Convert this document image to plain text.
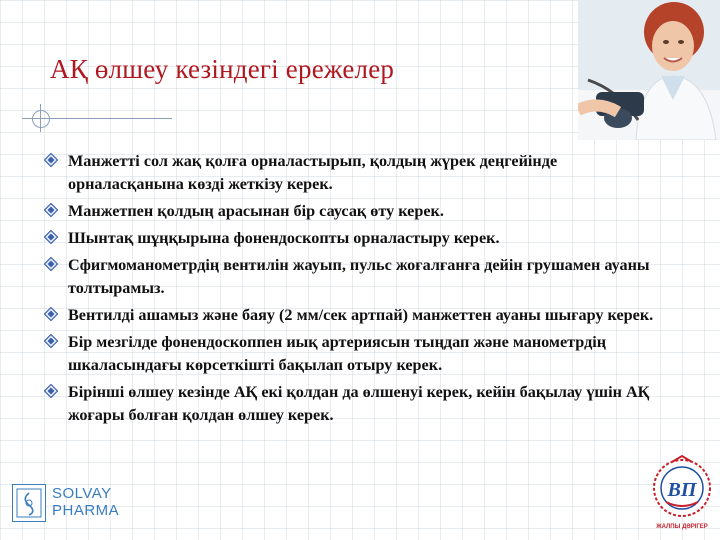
АҚ өлшеу кезіндегі ережелер
Манжетті сол жақ қолға орналастырып, қолдың жүрек деңгейінде орналасқанына көзді жеткізу керек.
Манжетпен қолдың арасынан бір саусақ өту керек.
Шынтақ шұңқырына фонендоскопты орналастыру керек.
Сфигмоманометрдің вентилін жауып, пульс жоғалғанға дейін грушамен ауаны толтырамыз.
Вентилді ашамыз және баяу (2 мм/сек артпай) манжеттен ауаны шығару керек.
Бір мезгілде фонендоскоппен иық артериясын тыңдап және манометрдің шкаласындағы көрсеткішті бақылап отыру керек.
Бірінші өлшеу кезінде АҚ екі қолдан да өлшенуі керек, кейін бақылау үшін АҚ жоғары болған қолдан өлшеу керек.
SOLVAY
PHARMA
ВП
ЖАЛПЫ ДӘРІГЕР
